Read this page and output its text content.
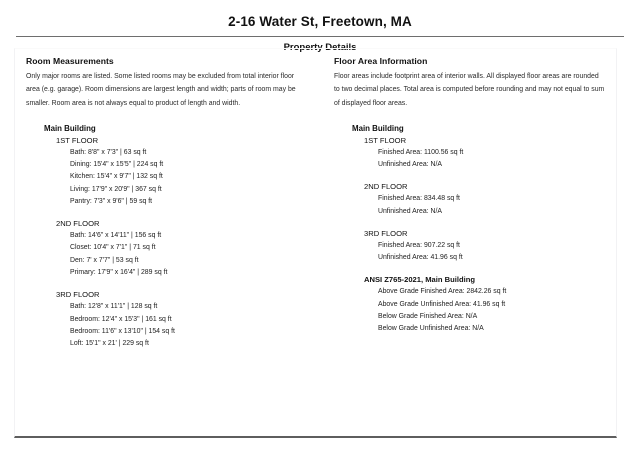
2-16 Water St, Freetown, MA
Property Details
Room Measurements

Only major rooms are listed. Some listed rooms may be excluded from total interior floor area (e.g. garage). Room dimensions are largest length and width; parts of room may be smaller. Room area is not always equal to product of length and width.

Main Building
1ST FLOOR
Bath: 8'8" x 7'3" | 63 sq ft
Dining: 15'4" x 15'5" | 224 sq ft
Kitchen: 15'4" x 9'7" | 132 sq ft
Living: 17'9" x 20'9" | 367 sq ft
Pantry: 7'3" x 9'6" | 59 sq ft
2ND FLOOR
Bath: 14'6" x 14'11" | 156 sq ft
Closet: 10'4" x 7'1" | 71 sq ft
Den: 7' x 7'7" | 53 sq ft
Primary: 17'9" x 16'4" | 289 sq ft
3RD FLOOR
Bath: 12'8" x 11'1" | 128 sq ft
Bedroom: 12'4" x 15'3" | 161 sq ft
Bedroom: 11'6" x 13'10" | 154 sq ft
Loft: 15'1" x 21' | 229 sq ft
Floor Area Information

Floor areas include footprint area of interior walls. All displayed floor areas are rounded to two decimal places. Total area is computed before rounding and may not equal to sum of displayed floor areas.

Main Building
1ST FLOOR
Finished Area: 1100.56 sq ft
Unfinished Area: N/A
2ND FLOOR
Finished Area: 834.48 sq ft
Unfinished Area: N/A
3RD FLOOR
Finished Area: 907.22 sq ft
Unfinished Area: 41.96 sq ft
ANSI Z765-2021, Main Building
Above Grade Finished Area: 2842.26 sq ft
Above Grade Unfinished Area: 41.96 sq ft
Below Grade Finished Area: N/A
Below Grade Unfinished Area: N/A
